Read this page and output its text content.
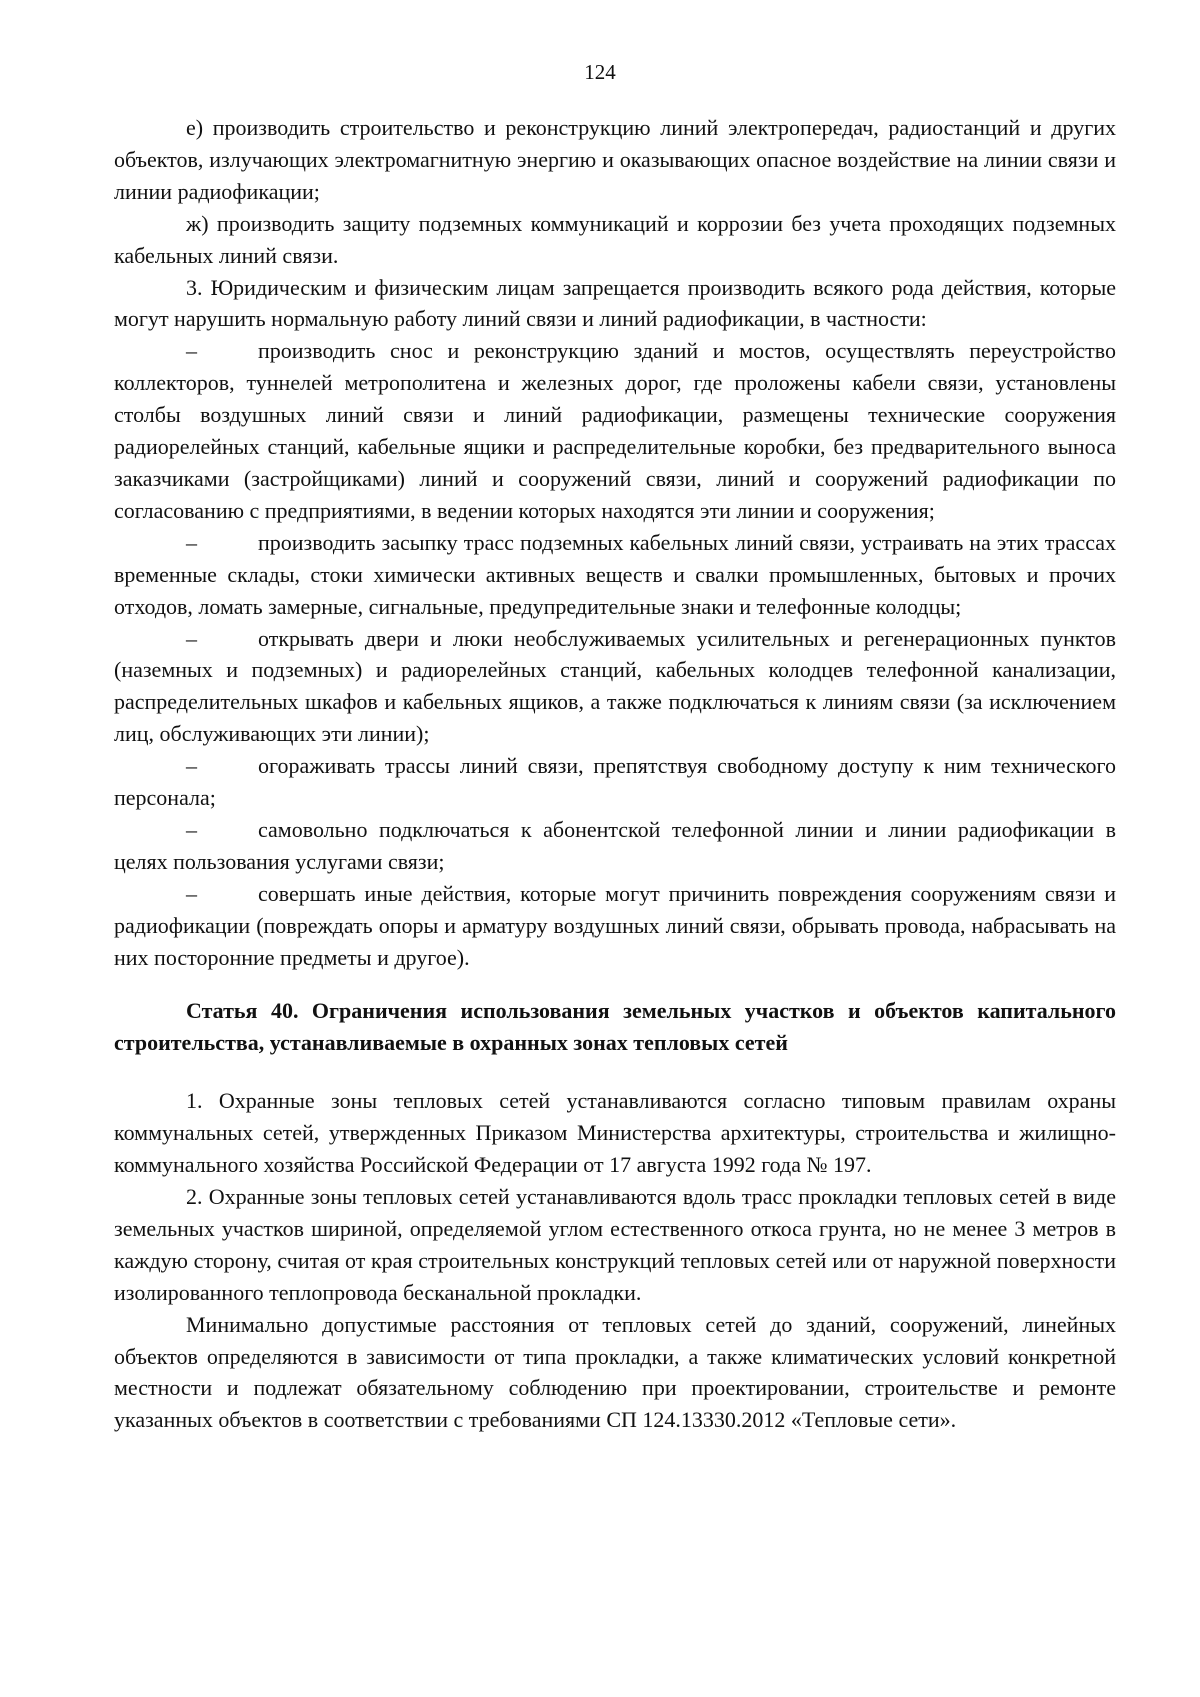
124

е) производить строительство и реконструкцию линий электропередач, радиостанций и других объектов, излучающих электромагнитную энергию и оказывающих опасное воздействие на линии связи и линии радиофикации;

ж) производить защиту подземных коммуникаций и коррозии без учета проходящих подземных кабельных линий связи.

3. Юридическим и физическим лицам запрещается производить всякого рода действия, которые могут нарушить нормальную работу линий связи и линий радиофикации, в частности:

–	производить снос и реконструкцию зданий и мостов, осуществлять переустройство коллекторов, туннелей метрополитена и железных дорог, где проложены кабели связи, установлены столбы воздушных линий связи и линий радиофикации, размещены технические сооружения радиорелейных станций, кабельные ящики и распределительные коробки, без предварительного выноса заказчиками (застройщиками) линий и сооружений связи, линий и сооружений радиофикации по согласованию с предприятиями, в ведении которых находятся эти линии и сооружения;

–	производить засыпку трасс подземных кабельных линий связи, устраивать на этих трассах временные склады, стоки химически активных веществ и свалки промышленных, бытовых и прочих отходов, ломать замерные, сигнальные, предупредительные знаки и телефонные колодцы;

–	открывать двери и люки необслуживаемых усилительных и регенерационных пунктов (наземных и подземных) и радиорелейных станций, кабельных колодцев телефонной канализации, распределительных шкафов и кабельных ящиков, а также подключаться к линиям связи (за исключением лиц, обслуживающих эти линии);

–	огораживать трассы линий связи, препятствуя свободному доступу к ним технического персонала;

–	самовольно подключаться к абонентской телефонной линии и линии радиофикации в целях пользования услугами связи;

–	совершать иные действия, которые могут причинить повреждения сооружениям связи и радиофикации (повреждать опоры и арматуру воздушных линий связи, обрывать провода, набрасывать на них посторонние предметы и другое).

Статья 40. Ограничения использования земельных участков и объектов капитального строительства, устанавливаемые в охранных зонах тепловых сетей

1. Охранные зоны тепловых сетей устанавливаются согласно типовым правилам охраны коммунальных сетей, утвержденных Приказом Министерства архитектуры, строительства и жилищно-коммунального хозяйства Российской Федерации от 17 августа 1992 года № 197.

2. Охранные зоны тепловых сетей устанавливаются вдоль трасс прокладки тепловых сетей в виде земельных участков шириной, определяемой углом естественного откоса грунта, но не менее 3 метров в каждую сторону, считая от края строительных конструкций тепловых сетей или от наружной поверхности изолированного теплопровода бесканальной прокладки.

Минимально допустимые расстояния от тепловых сетей до зданий, сооружений, линейных объектов определяются в зависимости от типа прокладки, а также климатических условий конкретной местности и подлежат обязательному соблюдению при проектировании, строительстве и ремонте указанных объектов в соответствии с требованиями СП 124.13330.2012 «Тепловые сети».
